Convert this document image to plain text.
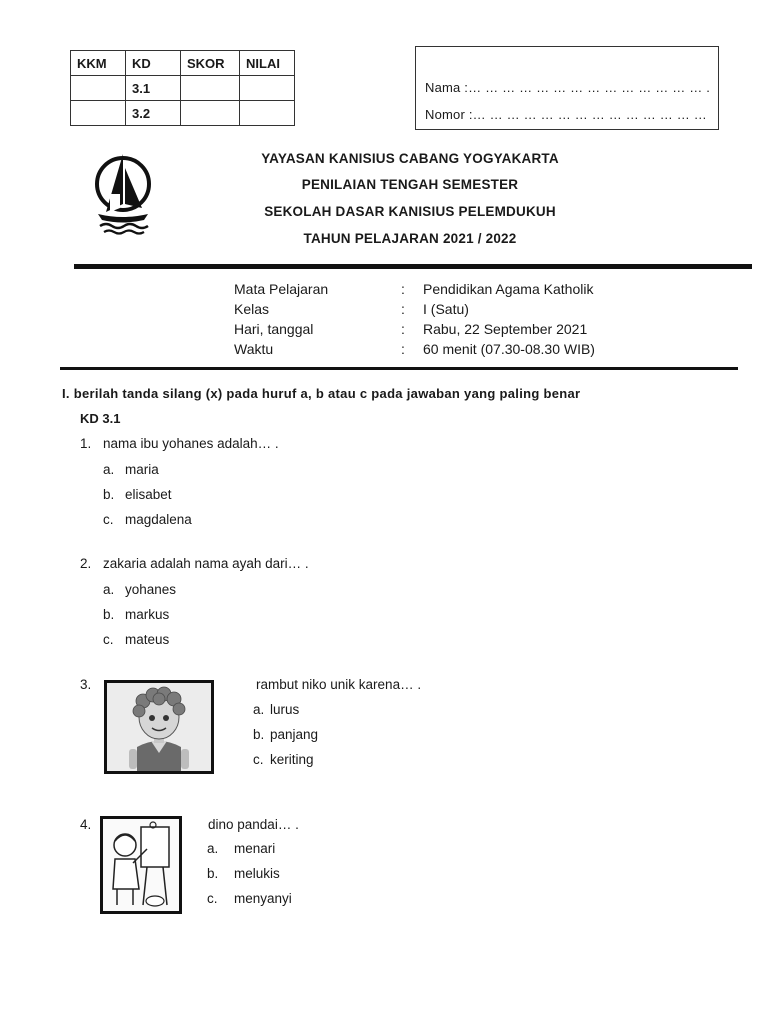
KKM	KD	SKOR	NILAI
	3.1		
	3.2		
Nama :… … … … … … … … … … … … … … .
Nomor :… … … … … … … … … … … … … …
YAYASAN KANISIUS CABANG YOGYAKARTA
PENILAIAN TENGAH SEMESTER
SEKOLAH DASAR KANISIUS PELEMDUKUH
TAHUN PELAJARAN 2021 / 2022
Mata Pelajaran	: Pendidikan Agama Katholik
Kelas	: I (Satu)
Hari, tanggal	: Rabu, 22 September 2021
Waktu	: 60 menit (07.30-08.30 WIB)
I. berilah tanda silang (x) pada huruf a, b atau c pada jawaban yang paling benar
KD 3.1
1. nama ibu yohanes adalah… .
a. maria
b. elisabet
c. magdalena
2. zakaria adalah nama ayah dari… .
a. yohanes
b. markus
c. mateus
3.	rambut niko unik karena… .
a. lurus
b. panjang
c. keriting
4.	dino pandai… .
a. menari
b. melukis
c. menyanyi
